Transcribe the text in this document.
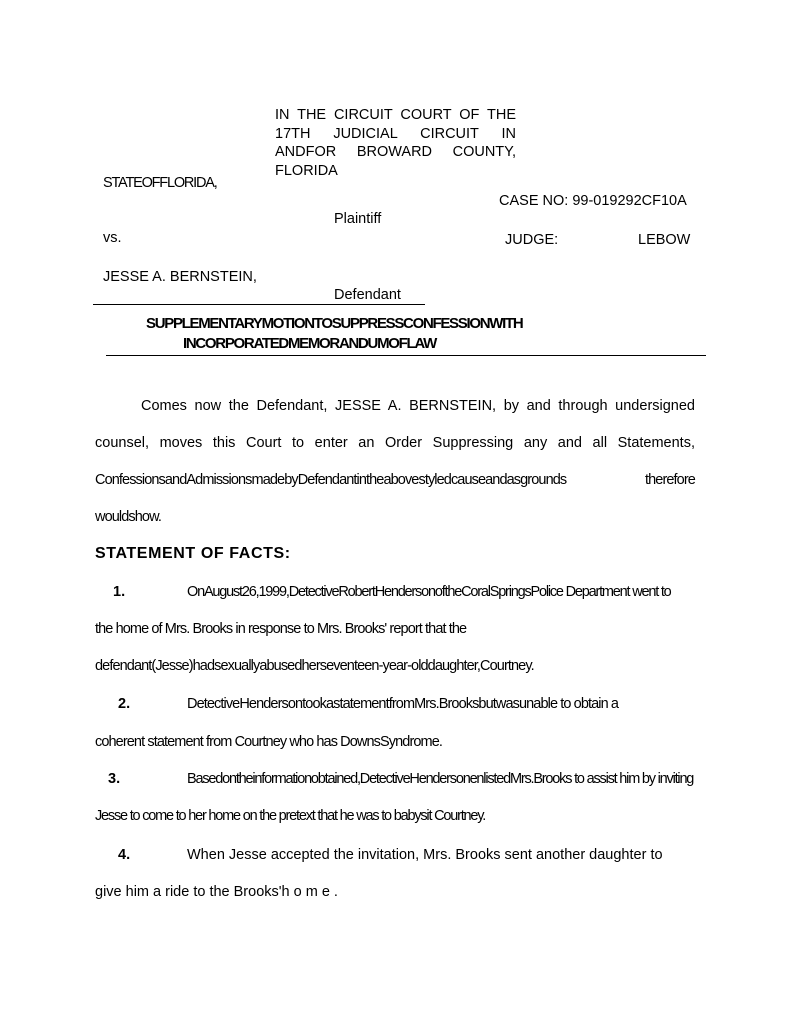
IN THE CIRCUIT COURT OF THE
17TH JUDICIAL CIRCUIT IN
ANDFOR BROWARD COUNTY,
FLORIDA
STATEOFFLORIDA,
CASE NO: 99-019292CF10A
Plaintiff
vs.	JUDGE:	LEBOW
JESSE A. BERNSTEIN,
Defendant
SUPPLEMENTARYMOTIONTOSUPPRESSCONFESSIONWITH
INCORPORATEDMEMORANDUMOFLAW
Comes now the Defendant, JESSE A. BERNSTEIN, by and through undersigned
counsel, moves this Court to enter an Order Suppressing any and all Statements,
ConfessionsandAdmissionsmadebyDefendantintheabovestyledcauseandasgrounds	therefore
wouldshow.
STATEMENT OF FACTS:
1.	OnAugust26,1999,DetectiveRobertHendersonoftheCoralSpringsPolice Department went to
the home of Mrs. Brooks in response to Mrs. Brooks' report that the
defendant(Jesse)hadsexuallyabusedherseventeen-year-olddaughter,Courtney.
2.	DetectiveHendersontookastatementfromMrs.Brooksbutwasunable to obtain a
coherent statement from Courtney who has DownsSyndrome.
3.	Basedontheinformationobtained,DetectiveHendersonenlistedMrs.Brooks to assist him by inviting
Jesse to come to her home on the pretext that he was to babysit Courtney.
4.	When Jesse accepted the invitation, Mrs. Brooks sent another daughter to
give him a ride to the Brooks'h o m e .
